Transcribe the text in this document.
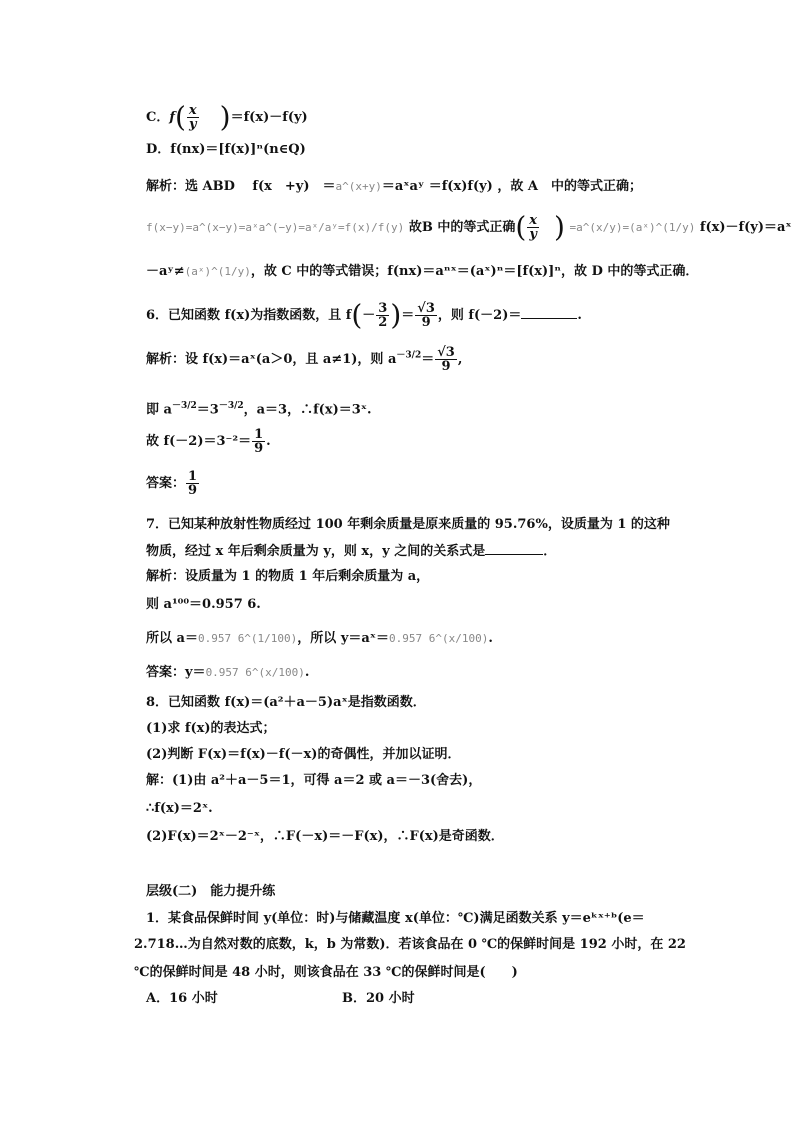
C．$f( \frac{x}{y} )=f(x)-f(y)$
D．f(nx)＝[f(x)]ⁿ(n∈Q)
解析：选 ABD　 f(x　+y)　＝a^(x+y)＝aˣaʸ ＝f(x)f(y) ，故 A　中的等式正确；
f(x−y)=a^(x−y)=aˣa^(−y)=aˣ/aʸ=f(x)/f(y) 故B 中的等式正确( $\frac{x}{y}$ ) =a^(x/y)=(aˣ)^(1/y) f(x)－f(y)＝aˣ
－aʸ≠(aˣ)^(1/y)，故 C 中的等式错误；f(nx)＝aⁿˣ＝(aˣ)ⁿ＝[f(x)]ⁿ，故 D 中的等式正确．
6．已知函数 f(x)为指数函数，且 $f(- \frac{3}{2}$ )＝ $\frac{√3}{9}$ ，则 f(－2)＝	.
解析：设 f(x)＝aˣ(a＞0，且 a≠1)，则 $a^{-3/2}= \frac{√3}{9}$ ,
即 $a^{-3/2}=3^{-3/2}$，a＝3，∴f(x)＝3ˣ.
故 $f(-2)=3^{-2}= \frac{1}{9}$ .
答案： $\frac{1}{9}$
7．已知某种放射性物质经过 100 年剩余质量是原来质量的 95.76%，设质量为 1 的这种
物质，经过 x 年后剩余质量为 y，则 x，y 之间的关系式是	．
解析：设质量为 1 的物质 1 年后剩余质量为 a，
则 a¹⁰⁰＝0.957 6.
所以 a＝0.957 6^(1/100)，所以 y＝aˣ＝0.957 6^(x/100).
答案：y＝0.957 6^(x/100).
8．已知函数 f(x)＝(a²＋a－5)aˣ是指数函数．
(1)求 f(x)的表达式；
(2)判断 F(x)＝f(x)－f(－x)的奇偶性，并加以证明．
解：(1)由 a²＋a－5＝1，可得 a＝2 或 a＝－3(舍去)，
∴f(x)＝2ˣ.
(2)F(x)＝2ˣ－2⁻ˣ，∴F(－x)＝－F(x)，∴F(x)是奇函数．
层级(二)　能力提升练
1．某食品保鲜时间 y(单位：时)与储藏温度 x(单位：℃)满足函数关系 y＝eᵏˣ⁺ᵇ(e＝
2.718…为自然对数的底数，k，b 为常数)．若该食品在 0 ℃的保鲜时间是 192 小时，在 22
℃的保鲜时间是 48 小时，则该食品在 33 ℃的保鲜时间是(　　)
A．16 小时	B．20 小时
